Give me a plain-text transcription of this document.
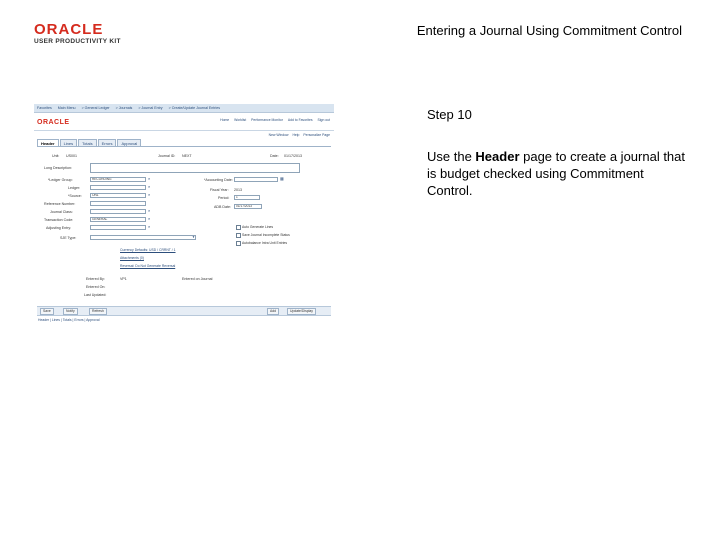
ORACLE
USER PRODUCTIVITY KIT
Entering a Journal Using Commitment Control
Favorites Main Menu > General Ledger > Journals > Journal Entry > Create/Update Journal Entries
ORACLE	Home Worklist Performance Monitor Add to Favorites Sign out
New Window Help Personalize Page
Header	Lines	Totals	Errors	Approval
Unit: US001	Journal ID: NEXT	Date: 01/17/2013
Long Description:
*Ledger Group:	RECORDING	⌕
Ledger:	⌕
*Source:	ONL	⌕
Reference Number:
Journal Class:	⌕
Transaction Code:	GENERAL	⌕
Adjusting Entry:	⌕
SJE Type:	▼
*Accounting Date:	▦
Fiscal Year: 2013
Period:	1
ADB Date:	01/17/2013
Auto Generate Lines
Save Journal Incomplete Status
Autobalance Intra Unit Entries
Currency Defaults: USD / CRRNT / 1
Attachments (0)
Reversal: Do Not Generate Reversal
Entered By:	VP1	Entered on Journal
Entered On:
Last Updated:
Save	Notify	Refresh	Add	Update/Display
Header | Lines | Totals | Errors | Approval
Step 10
Use the Header page to create a journal that is budget checked using Commitment Control.
